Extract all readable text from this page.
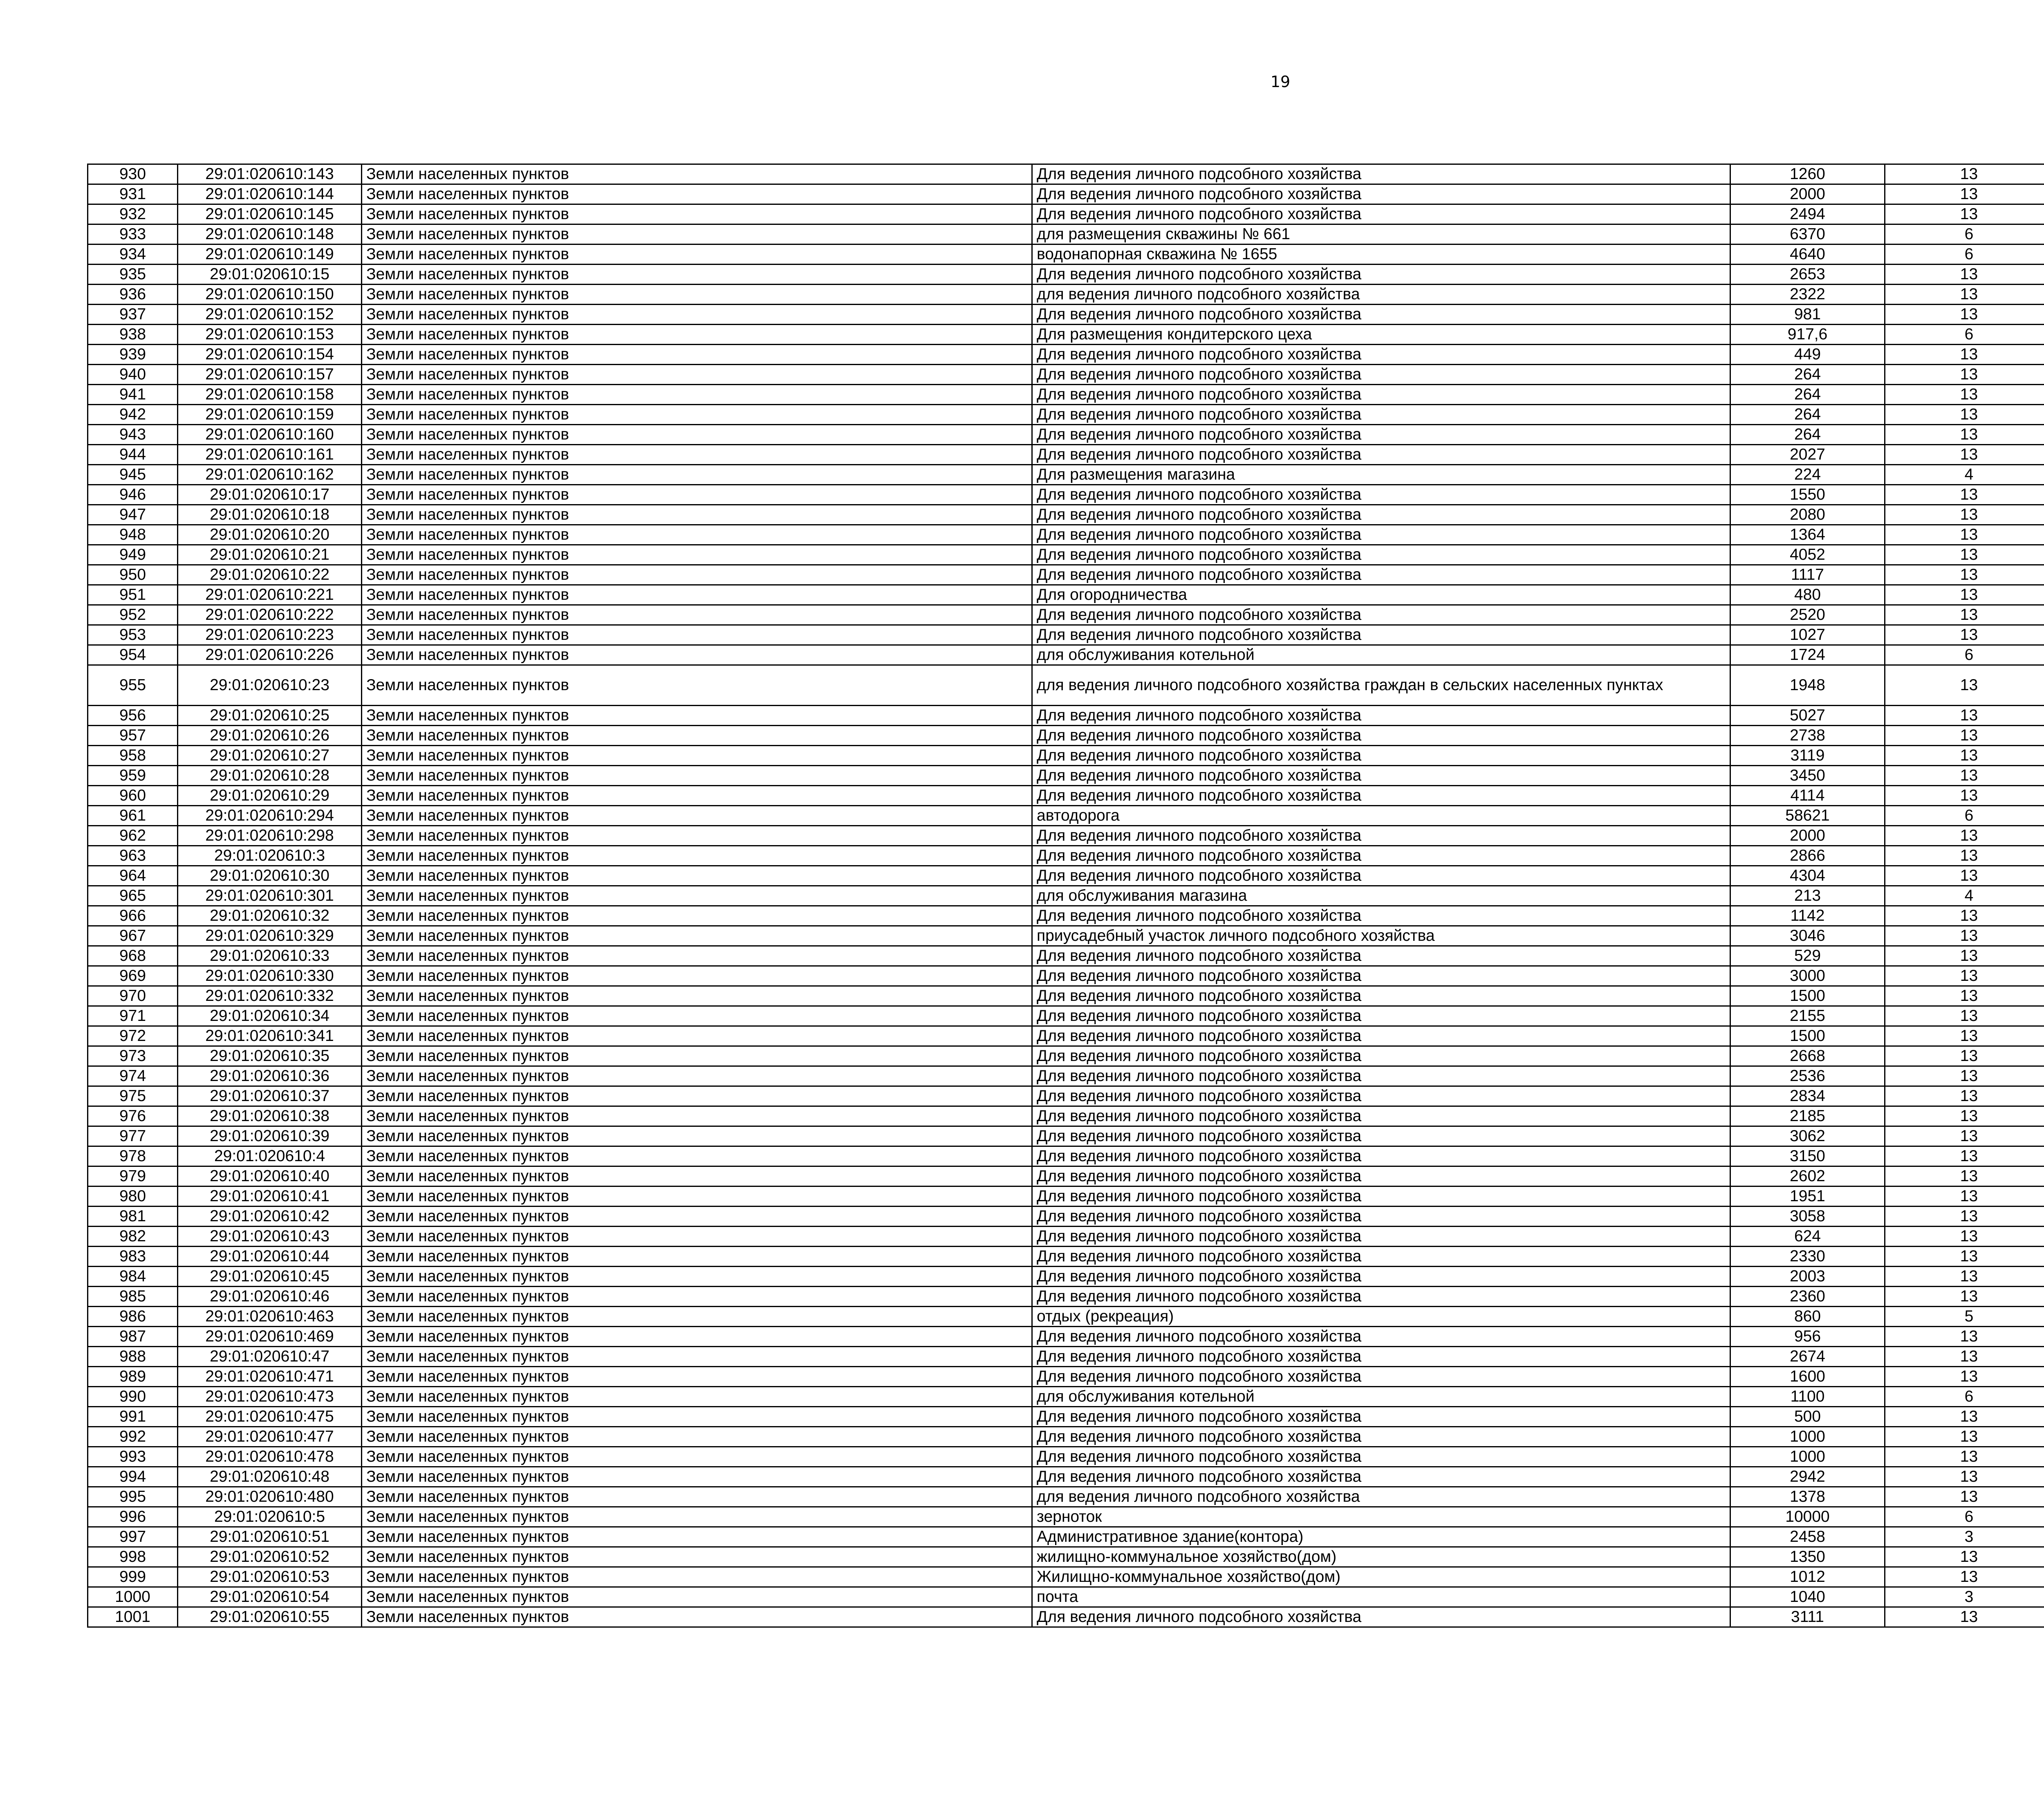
19
930	29:01:020610:143	Земли населенных пунктов	Для ведения личного подсобного хозяйства	1260	13		
931	29:01:020610:144	Земли населенных пунктов	Для ведения личного подсобного хозяйства	2000	13		
932	29:01:020610:145	Земли населенных пунктов	Для ведения личного подсобного хозяйства	2494	13		
933	29:01:020610:148	Земли населенных пунктов	для размещения скважины № 661	6370	6		
934	29:01:020610:149	Земли населенных пунктов	водонапорная скважина № 1655	4640	6		
935	29:01:020610:15	Земли населенных пунктов	Для ведения личного подсобного хозяйства	2653	13		
936	29:01:020610:150	Земли населенных пунктов	для ведения личного подсобного хозяйства	2322	13		
937	29:01:020610:152	Земли населенных пунктов	Для ведения личного подсобного хозяйства	981	13		
938	29:01:020610:153	Земли населенных пунктов	Для размещения кондитерского цеха	917,6	6		
939	29:01:020610:154	Земли населенных пунктов	Для ведения личного подсобного хозяйства	449	13		
940	29:01:020610:157	Земли населенных пунктов	Для ведения личного подсобного хозяйства	264	13		
941	29:01:020610:158	Земли населенных пунктов	Для ведения личного подсобного хозяйства	264	13		
942	29:01:020610:159	Земли населенных пунктов	Для ведения личного подсобного хозяйства	264	13		
943	29:01:020610:160	Земли населенных пунктов	Для ведения личного подсобного хозяйства	264	13		
944	29:01:020610:161	Земли населенных пунктов	Для ведения личного подсобного хозяйства	2027	13		
945	29:01:020610:162	Земли населенных пунктов	Для размещения магазина	224	4		
946	29:01:020610:17	Земли населенных пунктов	Для ведения личного подсобного хозяйства	1550	13		
947	29:01:020610:18	Земли населенных пунктов	Для ведения личного подсобного хозяйства	2080	13		
948	29:01:020610:20	Земли населенных пунктов	Для ведения личного подсобного хозяйства	1364	13		
949	29:01:020610:21	Земли населенных пунктов	Для ведения личного подсобного хозяйства	4052	13		
950	29:01:020610:22	Земли населенных пунктов	Для ведения личного подсобного хозяйства	1117	13		
951	29:01:020610:221	Земли населенных пунктов	Для огородничества	480	13		
952	29:01:020610:222	Земли населенных пунктов	Для ведения личного подсобного хозяйства	2520	13		
953	29:01:020610:223	Земли населенных пунктов	Для ведения личного подсобного хозяйства	1027	13		
954	29:01:020610:226	Земли населенных пунктов	для обслуживания котельной	1724	6		
955	29:01:020610:23	Земли населенных пунктов	для ведения личного подсобного хозяйства граждан в сельских населенных пунктах	1948	13		
956	29:01:020610:25	Земли населенных пунктов	Для ведения личного подсобного хозяйства	5027	13		
957	29:01:020610:26	Земли населенных пунктов	Для ведения личного подсобного хозяйства	2738	13		
958	29:01:020610:27	Земли населенных пунктов	Для ведения личного подсобного хозяйства	3119	13		
959	29:01:020610:28	Земли населенных пунктов	Для ведения личного подсобного хозяйства	3450	13		
960	29:01:020610:29	Земли населенных пунктов	Для ведения личного подсобного хозяйства	4114	13		
961	29:01:020610:294	Земли населенных пунктов	автодорога	58621	6		
962	29:01:020610:298	Земли населенных пунктов	Для ведения личного подсобного хозяйства	2000	13		
963	29:01:020610:3	Земли населенных пунктов	Для ведения личного подсобного хозяйства	2866	13		
964	29:01:020610:30	Земли населенных пунктов	Для ведения личного подсобного хозяйства	4304	13		
965	29:01:020610:301	Земли населенных пунктов	для обслуживания магазина	213	4		
966	29:01:020610:32	Земли населенных пунктов	Для ведения личного подсобного хозяйства	1142	13		
967	29:01:020610:329	Земли населенных пунктов	приусадебный участок личного подсобного хозяйства	3046	13		
968	29:01:020610:33	Земли населенных пунктов	Для ведения личного подсобного хозяйства	529	13		
969	29:01:020610:330	Земли населенных пунктов	Для ведения личного подсобного хозяйства	3000	13		
970	29:01:020610:332	Земли населенных пунктов	Для ведения личного подсобного хозяйства	1500	13		
971	29:01:020610:34	Земли населенных пунктов	Для ведения личного подсобного хозяйства	2155	13		
972	29:01:020610:341	Земли населенных пунктов	Для ведения личного подсобного хозяйства	1500	13		
973	29:01:020610:35	Земли населенных пунктов	Для ведения личного подсобного хозяйства	2668	13		
974	29:01:020610:36	Земли населенных пунктов	Для ведения личного подсобного хозяйства	2536	13		
975	29:01:020610:37	Земли населенных пунктов	Для ведения личного подсобного хозяйства	2834	13		
976	29:01:020610:38	Земли населенных пунктов	Для ведения личного подсобного хозяйства	2185	13		
977	29:01:020610:39	Земли населенных пунктов	Для ведения личного подсобного хозяйства	3062	13		
978	29:01:020610:4	Земли населенных пунктов	Для ведения личного подсобного хозяйства	3150	13		
979	29:01:020610:40	Земли населенных пунктов	Для ведения личного подсобного хозяйства	2602	13		
980	29:01:020610:41	Земли населенных пунктов	Для ведения личного подсобного хозяйства	1951	13		
981	29:01:020610:42	Земли населенных пунктов	Для ведения личного подсобного хозяйства	3058	13		
982	29:01:020610:43	Земли населенных пунктов	Для ведения личного подсобного хозяйства	624	13		
983	29:01:020610:44	Земли населенных пунктов	Для ведения личного подсобного хозяйства	2330	13		
984	29:01:020610:45	Земли населенных пунктов	Для ведения личного подсобного хозяйства	2003	13		
985	29:01:020610:46	Земли населенных пунктов	Для ведения личного подсобного хозяйства	2360	13		
986	29:01:020610:463	Земли населенных пунктов	отдых (рекреация)	860	5		
987	29:01:020610:469	Земли населенных пунктов	Для ведения личного подсобного хозяйства	956	13		
988	29:01:020610:47	Земли населенных пунктов	Для ведения личного подсобного хозяйства	2674	13		
989	29:01:020610:471	Земли населенных пунктов	Для ведения личного подсобного хозяйства	1600	13		
990	29:01:020610:473	Земли населенных пунктов	для обслуживания котельной	1100	6		
991	29:01:020610:475	Земли населенных пунктов	Для ведения личного подсобного хозяйства	500	13		
992	29:01:020610:477	Земли населенных пунктов	Для ведения личного подсобного хозяйства	1000	13		
993	29:01:020610:478	Земли населенных пунктов	Для ведения личного подсобного хозяйства	1000	13		
994	29:01:020610:48	Земли населенных пунктов	Для ведения личного подсобного хозяйства	2942	13		
995	29:01:020610:480	Земли населенных пунктов	для ведения личного подсобного хозяйства	1378	13		
996	29:01:020610:5	Земли населенных пунктов	зерноток	10000	6		
997	29:01:020610:51	Земли населенных пунктов	Административное здание(контора)	2458	3		
998	29:01:020610:52	Земли населенных пунктов	жилищно-коммунальное хозяйство(дом)	1350	13		
999	29:01:020610:53	Земли населенных пунктов	Жилищно-коммунальное хозяйство(дом)	1012	13		
1000	29:01:020610:54	Земли населенных пунктов	почта	1040	3		
1001	29:01:020610:55	Земли населенных пунктов	Для ведения личного подсобного хозяйства	3111	13		
